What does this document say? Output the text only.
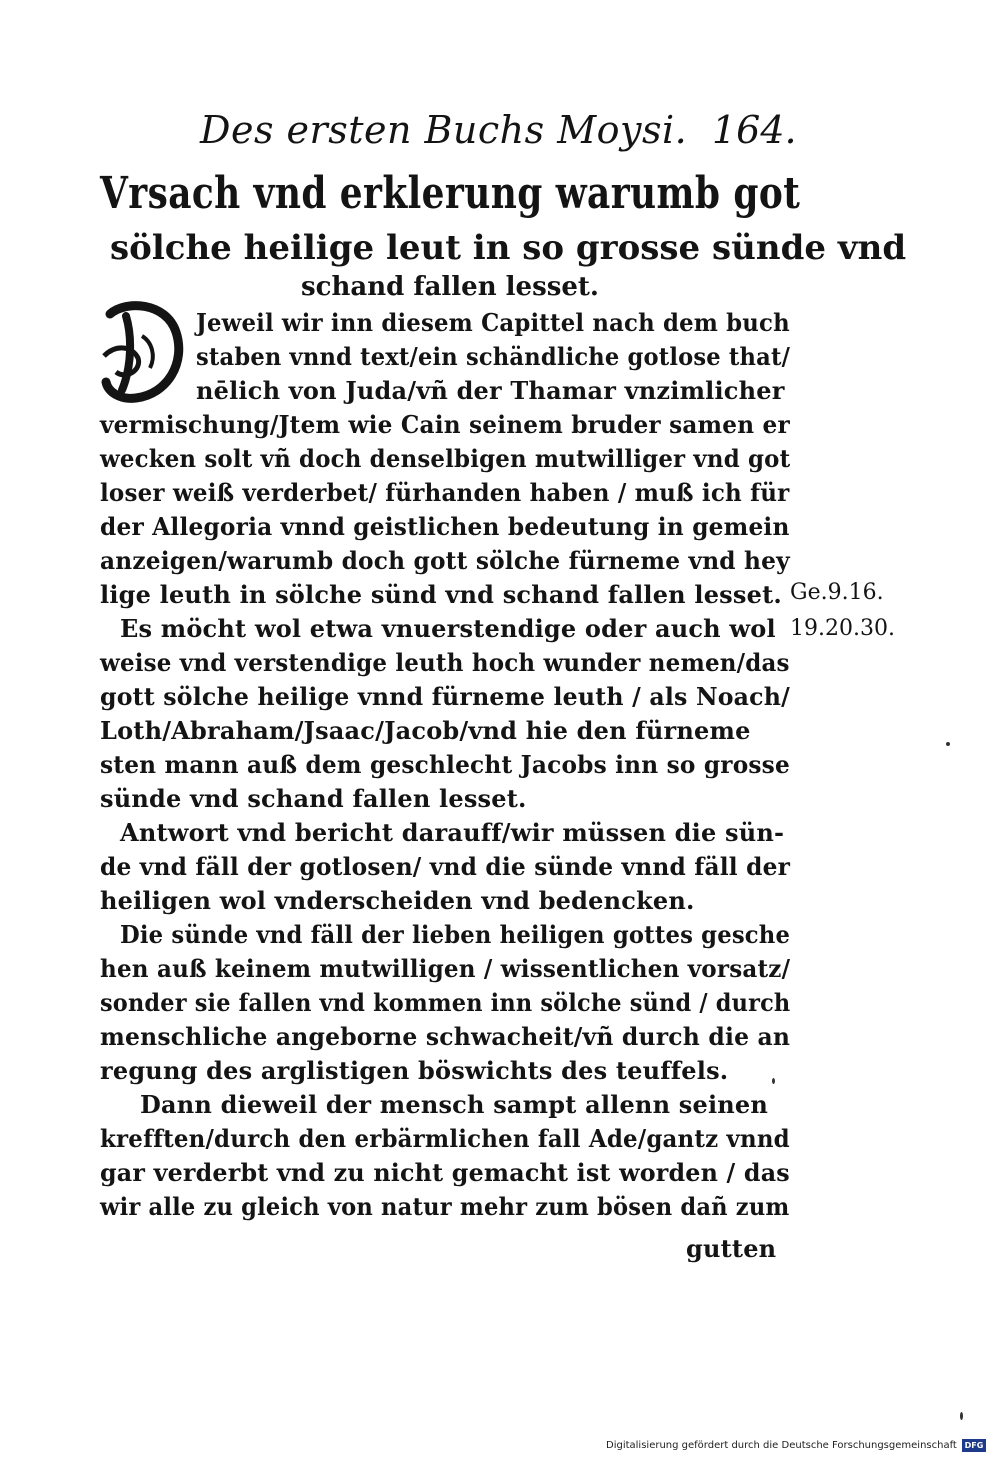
Des ersten Buchs Moysi. 164.
Vrsach vnd erklerung warumb got
sölche heilige leut in so grosse sünde vnd
schand fallen lesset.
Jeweil wir inn diesem Capittel nach dem buch
staben vnnd text/ein schändliche gotlose that/
nēlich von Juda/vñ der Thamar vnzimlicher
vermischung/Jtem wie Cain seinem bruder samen er
wecken solt vñ doch denselbigen mutwilliger vnd got
loser weiß verderbet/ fürhanden haben / muß ich für
der Allegoria vnnd geistlichen bedeutung in gemein
anzeigen/warumb doch gott sölche fürneme vnd hey
lige leuth in sölche sünd vnd schand fallen lesset.
Es möcht wol etwa vnuerstendige oder auch wol
weise vnd verstendige leuth hoch wunder nemen/das
gott sölche heilige vnnd fürneme leuth / als Noach/
Loth/Abraham/Jsaac/Jacob/vnd hie den fürneme
sten mann auß dem geschlecht Jacobs inn so grosse
sünde vnd schand fallen lesset.
Antwort vnd bericht darauff/wir müssen die sün-
de vnd fäll der gotlosen/ vnd die sünde vnnd fäll der
heiligen wol vnderscheiden vnd bedencken.
Die sünde vnd fäll der lieben heiligen gottes gesche
hen auß keinem mutwilligen / wissentlichen vorsatz/
sonder sie fallen vnd kommen inn sölche sünd / durch
menschliche angeborne schwacheit/vñ durch die an
regung des arglistigen böswichts des teuffels.
Dann dieweil der mensch sampt allenn seinen
krefften/durch den erbärmlichen fall Ade/gantz vnnd
gar verderbt vnd zu nicht gemacht ist worden / das
wir alle zu gleich von natur mehr zum bösen dañ zum
gutten
Ge.9.16.
19.20.30.
Digitalisierung gefördert durch die Deutsche Forschungsgemeinschaft DFG
